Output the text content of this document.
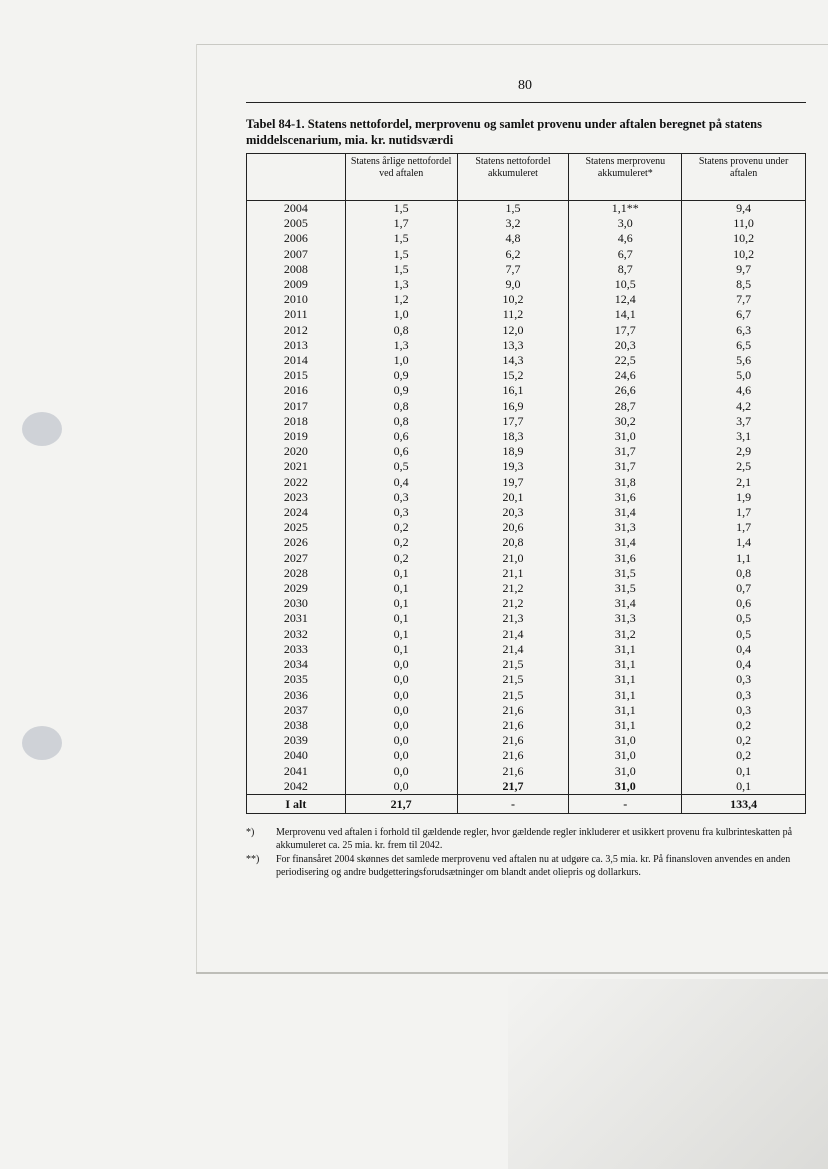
80
Tabel 84-1. Statens nettofordel, merprovenu og samlet provenu under aftalen beregnet på statens middelscenarium, mia. kr. nutidsværdi
	Statens årlige nettofordel ved aftalen	Statens nettofordel akkumuleret	Statens merprovenu akkumuleret*	Statens provenu under aftalen
2004	1,5	1,5	1,1**	9,4
2005	1,7	3,2	3,0	11,0
2006	1,5	4,8	4,6	10,2
2007	1,5	6,2	6,7	10,2
2008	1,5	7,7	8,7	9,7
2009	1,3	9,0	10,5	8,5
2010	1,2	10,2	12,4	7,7
2011	1,0	11,2	14,1	6,7
2012	0,8	12,0	17,7	6,3
2013	1,3	13,3	20,3	6,5
2014	1,0	14,3	22,5	5,6
2015	0,9	15,2	24,6	5,0
2016	0,9	16,1	26,6	4,6
2017	0,8	16,9	28,7	4,2
2018	0,8	17,7	30,2	3,7
2019	0,6	18,3	31,0	3,1
2020	0,6	18,9	31,7	2,9
2021	0,5	19,3	31,7	2,5
2022	0,4	19,7	31,8	2,1
2023	0,3	20,1	31,6	1,9
2024	0,3	20,3	31,4	1,7
2025	0,2	20,6	31,3	1,7
2026	0,2	20,8	31,4	1,4
2027	0,2	21,0	31,6	1,1
2028	0,1	21,1	31,5	0,8
2029	0,1	21,2	31,5	0,7
2030	0,1	21,2	31,4	0,6
2031	0,1	21,3	31,3	0,5
2032	0,1	21,4	31,2	0,5
2033	0,1	21,4	31,1	0,4
2034	0,0	21,5	31,1	0,4
2035	0,0	21,5	31,1	0,3
2036	0,0	21,5	31,1	0,3
2037	0,0	21,6	31,1	0,3
2038	0,0	21,6	31,1	0,2
2039	0,0	21,6	31,0	0,2
2040	0,0	21,6	31,0	0,2
2041	0,0	21,6	31,0	0,1
2042	0,0	21,7	31,0	0,1
I alt	21,7	-	-	133,4
*)	Merprovenu ved aftalen i forhold til gældende regler, hvor gældende regler inkluderer et usikkert provenu fra kulbrinteskatten på akkumuleret ca. 25 mia. kr. frem til 2042.
**)	For finansåret 2004 skønnes det samlede merprovenu ved aftalen nu at udgøre ca. 3,5 mia. kr. På finansloven anvendes en anden periodisering og andre budgetteringsforudsætninger om blandt andet oliepris og dollarkurs.
